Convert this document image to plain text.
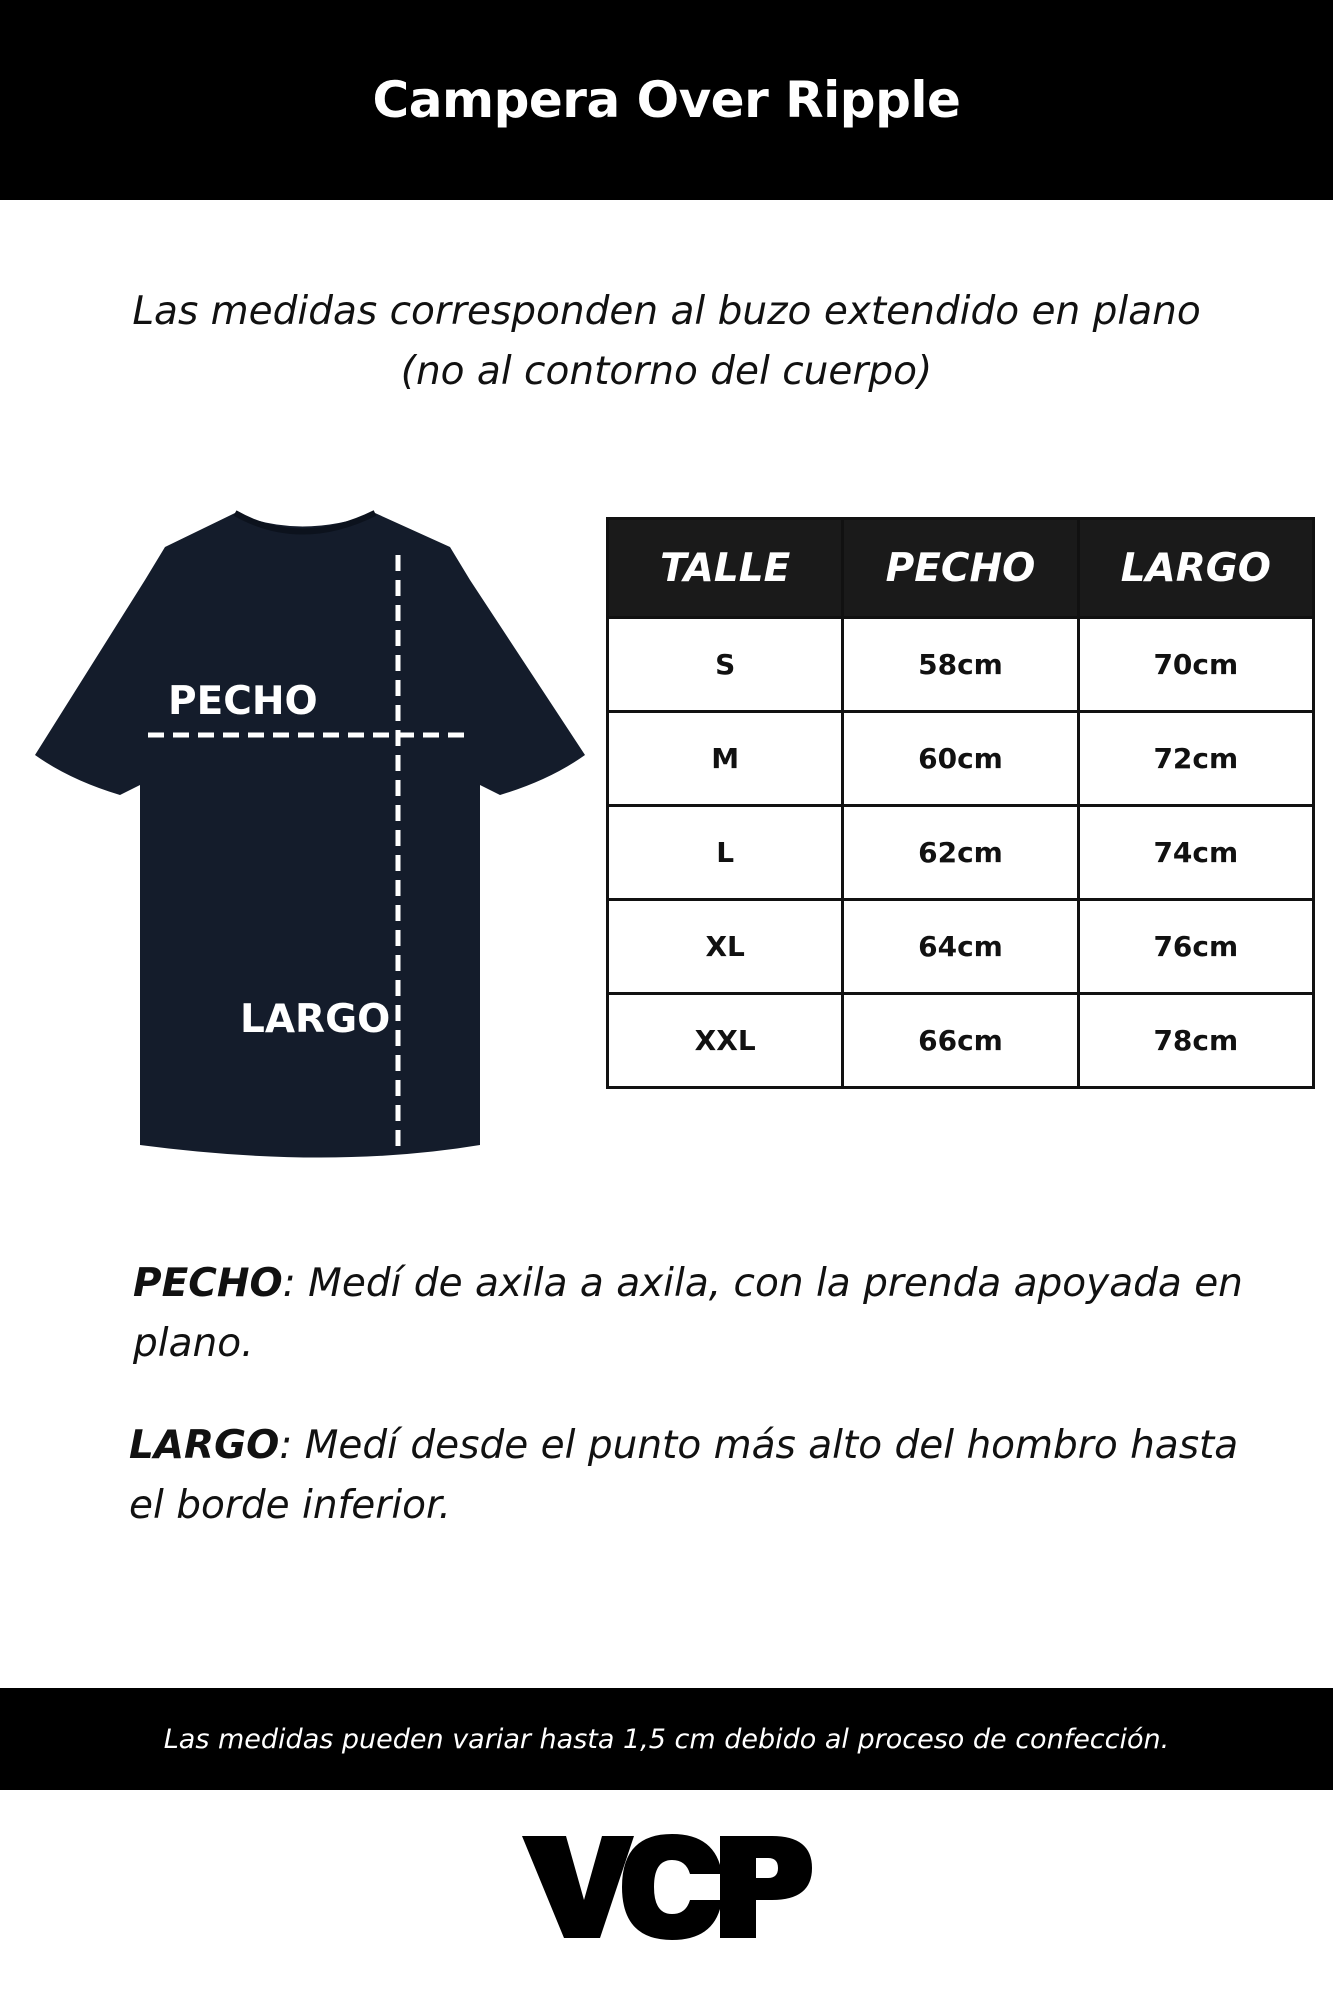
Campera Over Ripple
Las medidas corresponden al buzo extendido en plano (no al contorno del cuerpo)
PECHO
LARGO
TALLE	PECHO	LARGO
S	58cm	70cm
M	60cm	72cm
L	62cm	74cm
XL	64cm	76cm
XXL	66cm	78cm
PECHO: Medí de axila a axila, con la prenda apoyada en plano.
LARGO: Medí desde el punto más alto del hombro hasta el borde inferior.
Las medidas pueden variar hasta 1,5 cm debido al proceso de confección.
